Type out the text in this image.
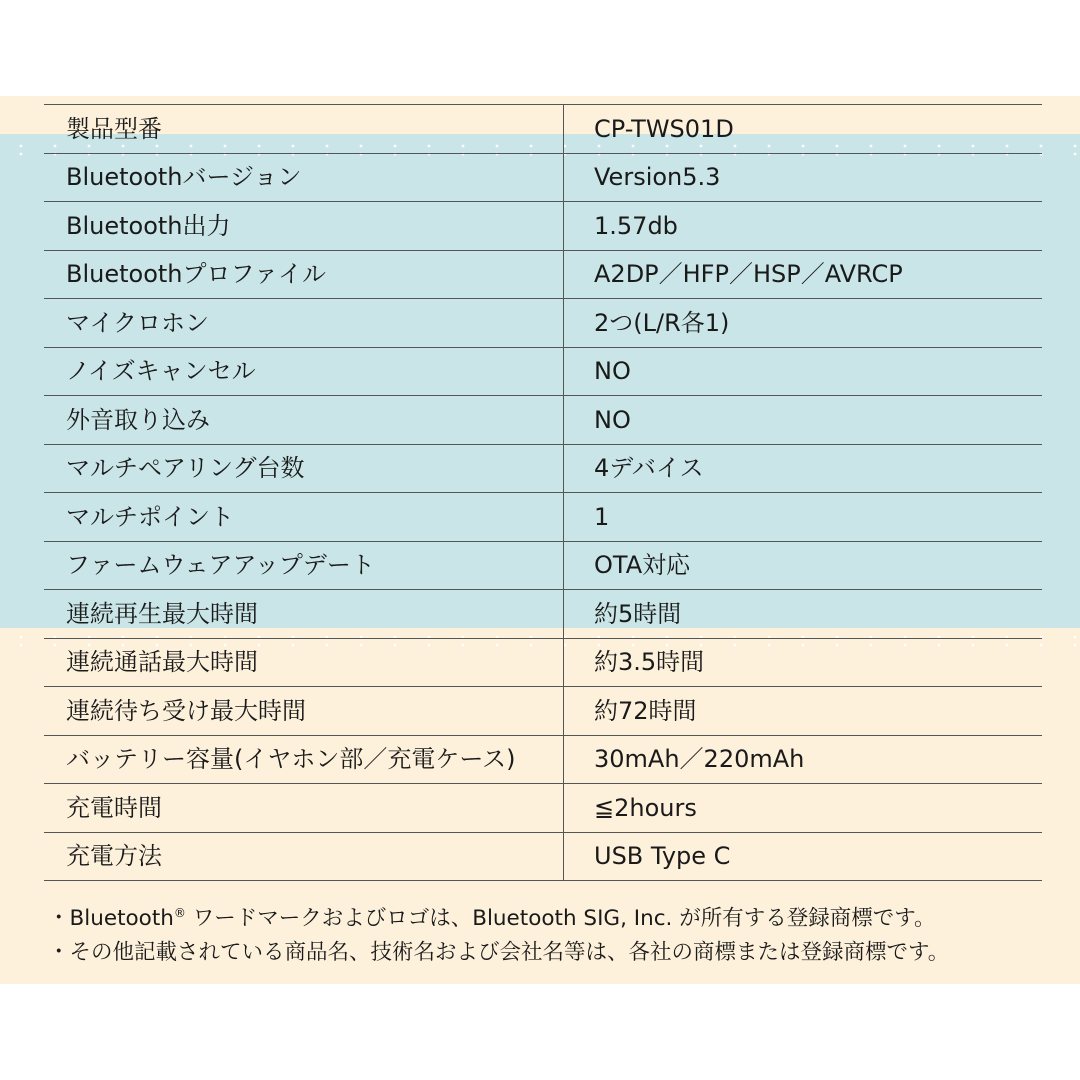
製品型番	CP-TWS01D
Bluetoothバージョン	Version5.3
Bluetooth出力	1.57db
Bluetoothプロファイル	A2DP／HFP／HSP／AVRCP
マイクロホン	2つ(L/R各1)
ノイズキャンセル	NO
外音取り込み	NO
マルチペアリング台数	4デバイス
マルチポイント	1
ファームウェアアップデート	OTA対応
連続再生最大時間	約5時間
連続通話最大時間	約3.5時間
連続待ち受け最大時間	約72時間
バッテリー容量(イヤホン部／充電ケース)	30mAh／220mAh
充電時間	≦2hours
充電方法	USB Type C
・Bluetooth® ワードマークおよびロゴは、Bluetooth SIG, Inc. が所有する登録商標です。
・その他記載されている商品名、技術名および会社名等は、各社の商標または登録商標です。
